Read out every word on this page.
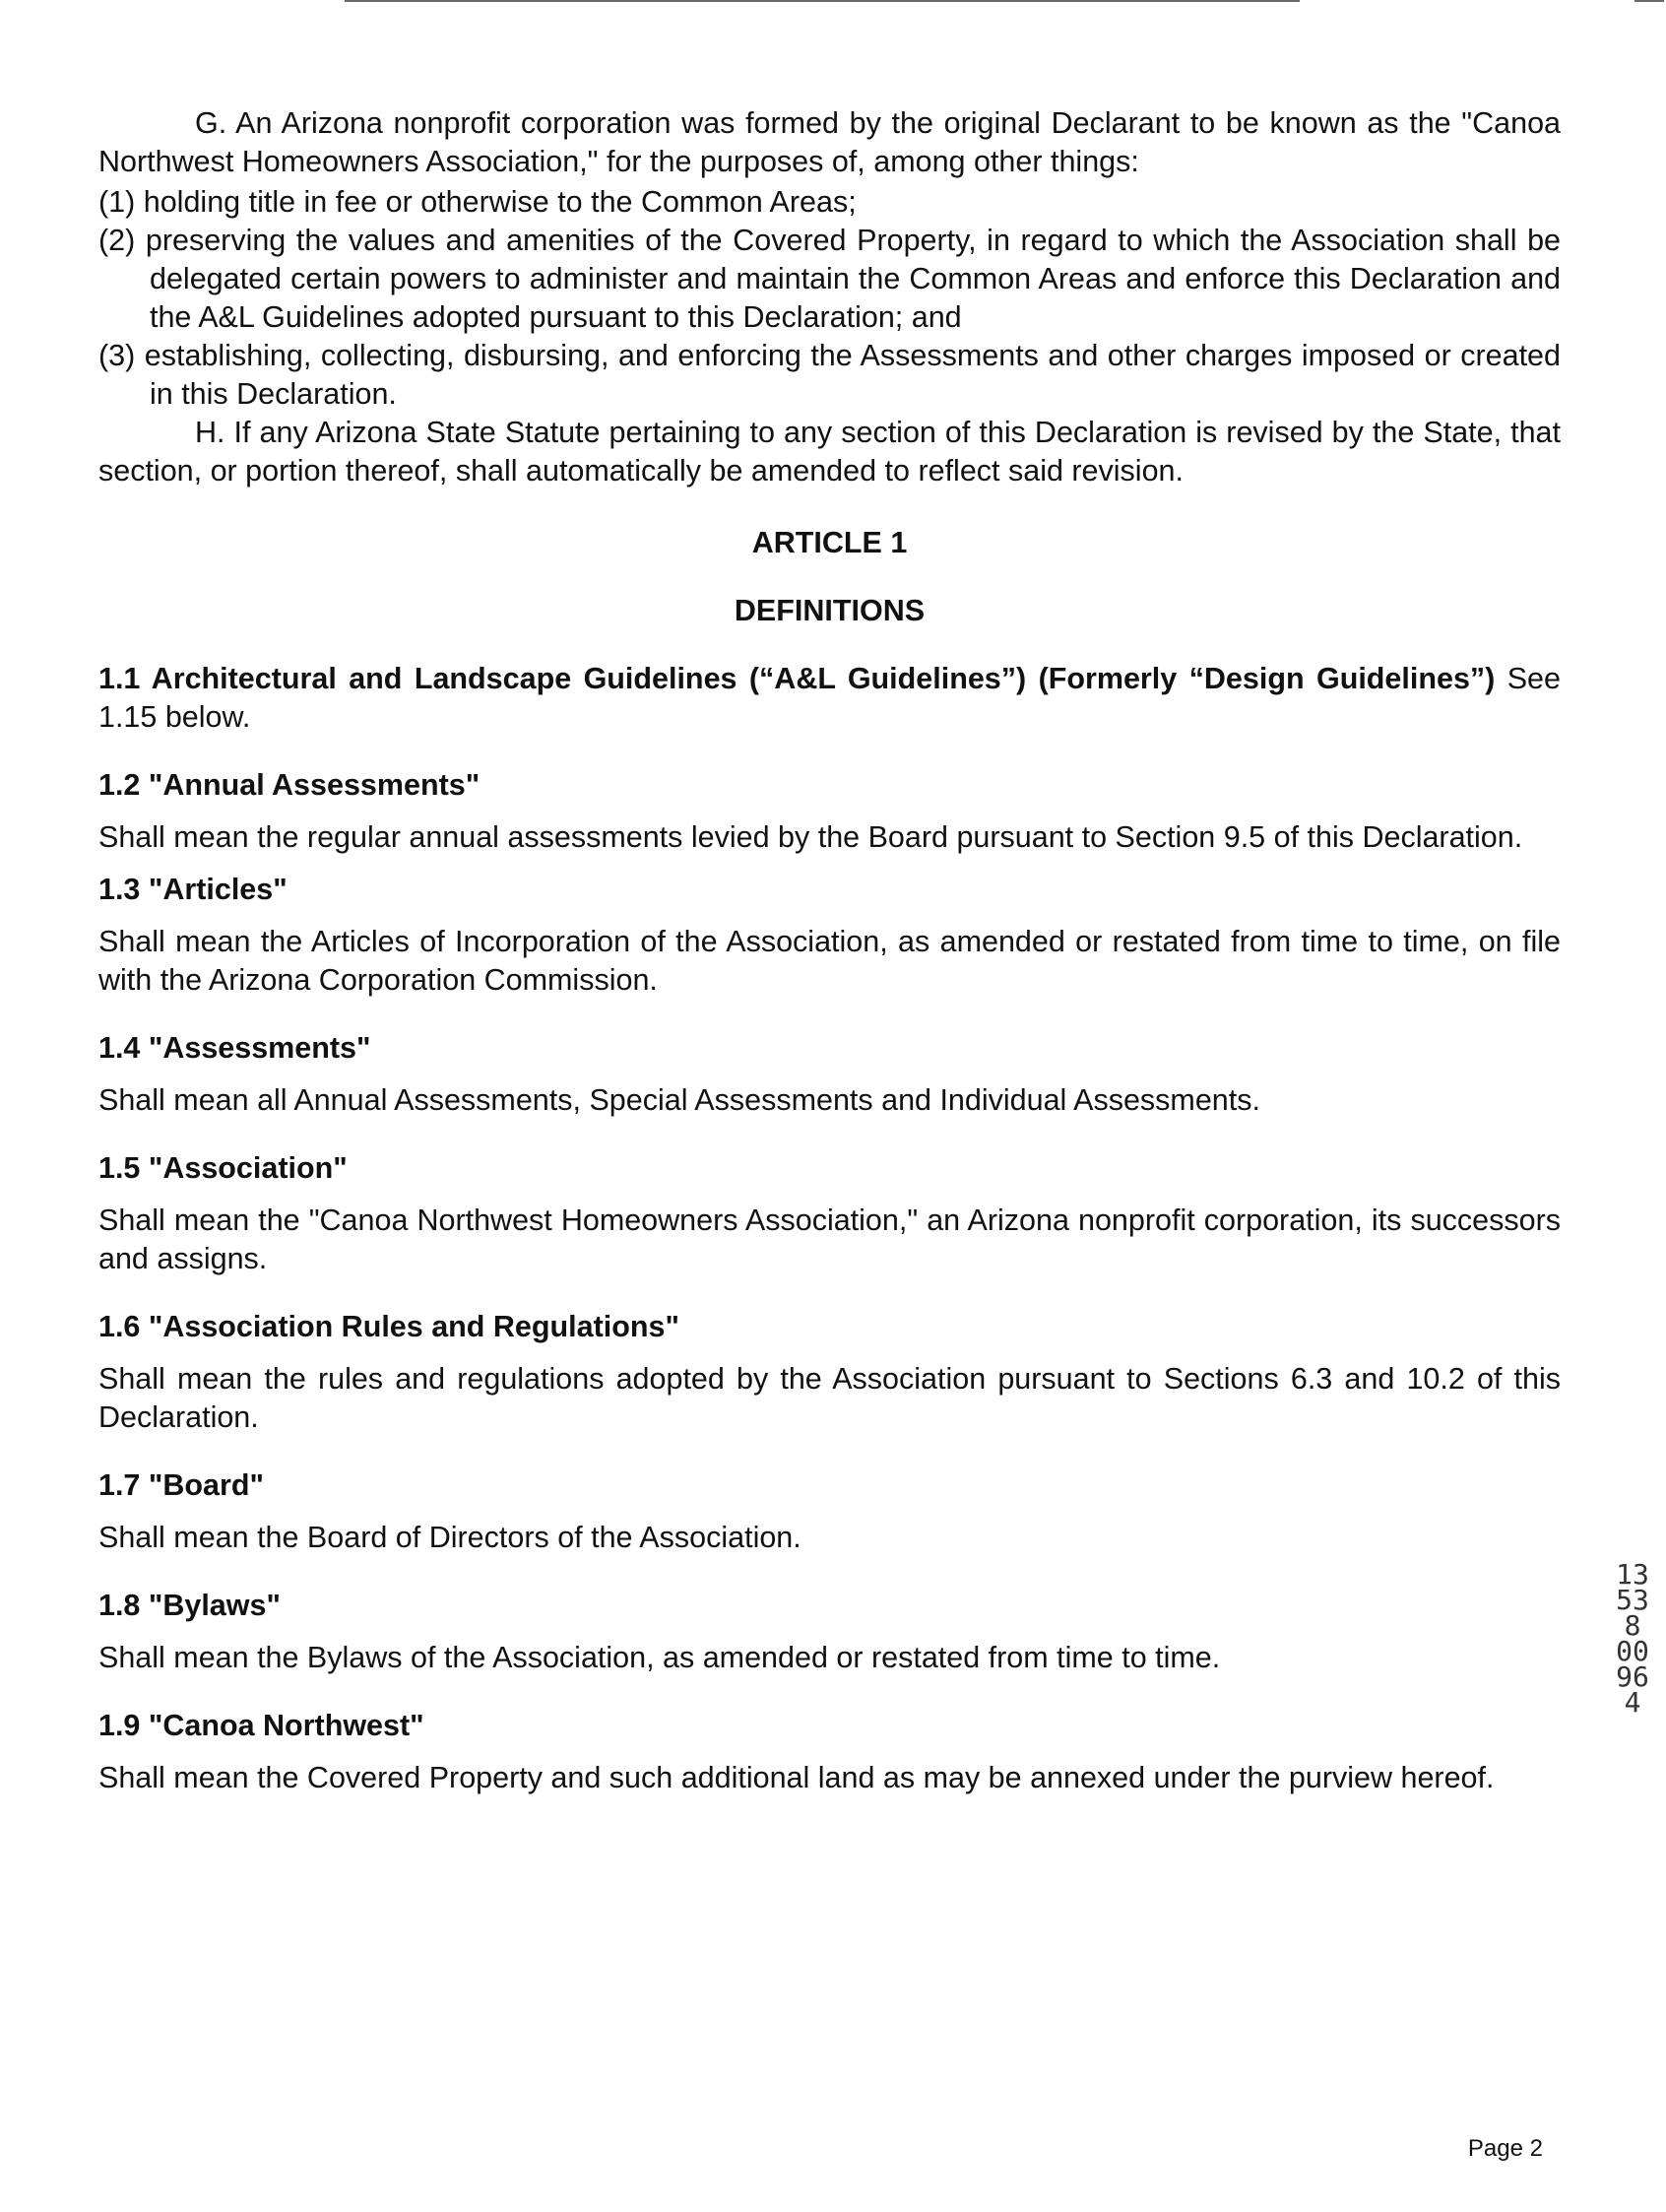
G. An Arizona nonprofit corporation was formed by the original Declarant to be known as the "Canoa Northwest Homeowners Association," for the purposes of, among other things:

(1) holding title in fee or otherwise to the Common Areas;

(2) preserving the values and amenities of the Covered Property, in regard to which the Association shall be delegated certain powers to administer and maintain the Common Areas and enforce this Declaration and the A&L Guidelines adopted pursuant to this Declaration; and

(3) establishing, collecting, disbursing, and enforcing the Assessments and other charges imposed or created in this Declaration.

H. If any Arizona State Statute pertaining to any section of this Declaration is revised by the State, that section, or portion thereof, shall automatically be amended to reflect said revision.

ARTICLE 1

DEFINITIONS

1.1 Architectural and Landscape Guidelines (“A&L Guidelines”) (Formerly “Design Guidelines”) See 1.15 below.

1.2 "Annual Assessments"

Shall mean the regular annual assessments levied by the Board pursuant to Section 9.5 of this Declaration.

1.3 "Articles"

Shall mean the Articles of Incorporation of the Association, as amended or restated from time to time, on file with the Arizona Corporation Commission.

1.4 "Assessments"

Shall mean all Annual Assessments, Special Assessments and Individual Assessments.

1.5 "Association"

Shall mean the "Canoa Northwest Homeowners Association," an Arizona nonprofit corporation, its successors and assigns.

1.6 "Association Rules and Regulations"

Shall mean the rules and regulations adopted by the Association pursuant to Sections 6.3 and 10.2 of this Declaration.

1.7 "Board"

Shall mean the Board of Directors of the Association.

1.8 "Bylaws"

Shall mean the Bylaws of the Association, as amended or restated from time to time.

1.9 "Canoa Northwest"

Shall mean the Covered Property and such additional land as may be annexed under the purview hereof.

13538 00964
Page 2
